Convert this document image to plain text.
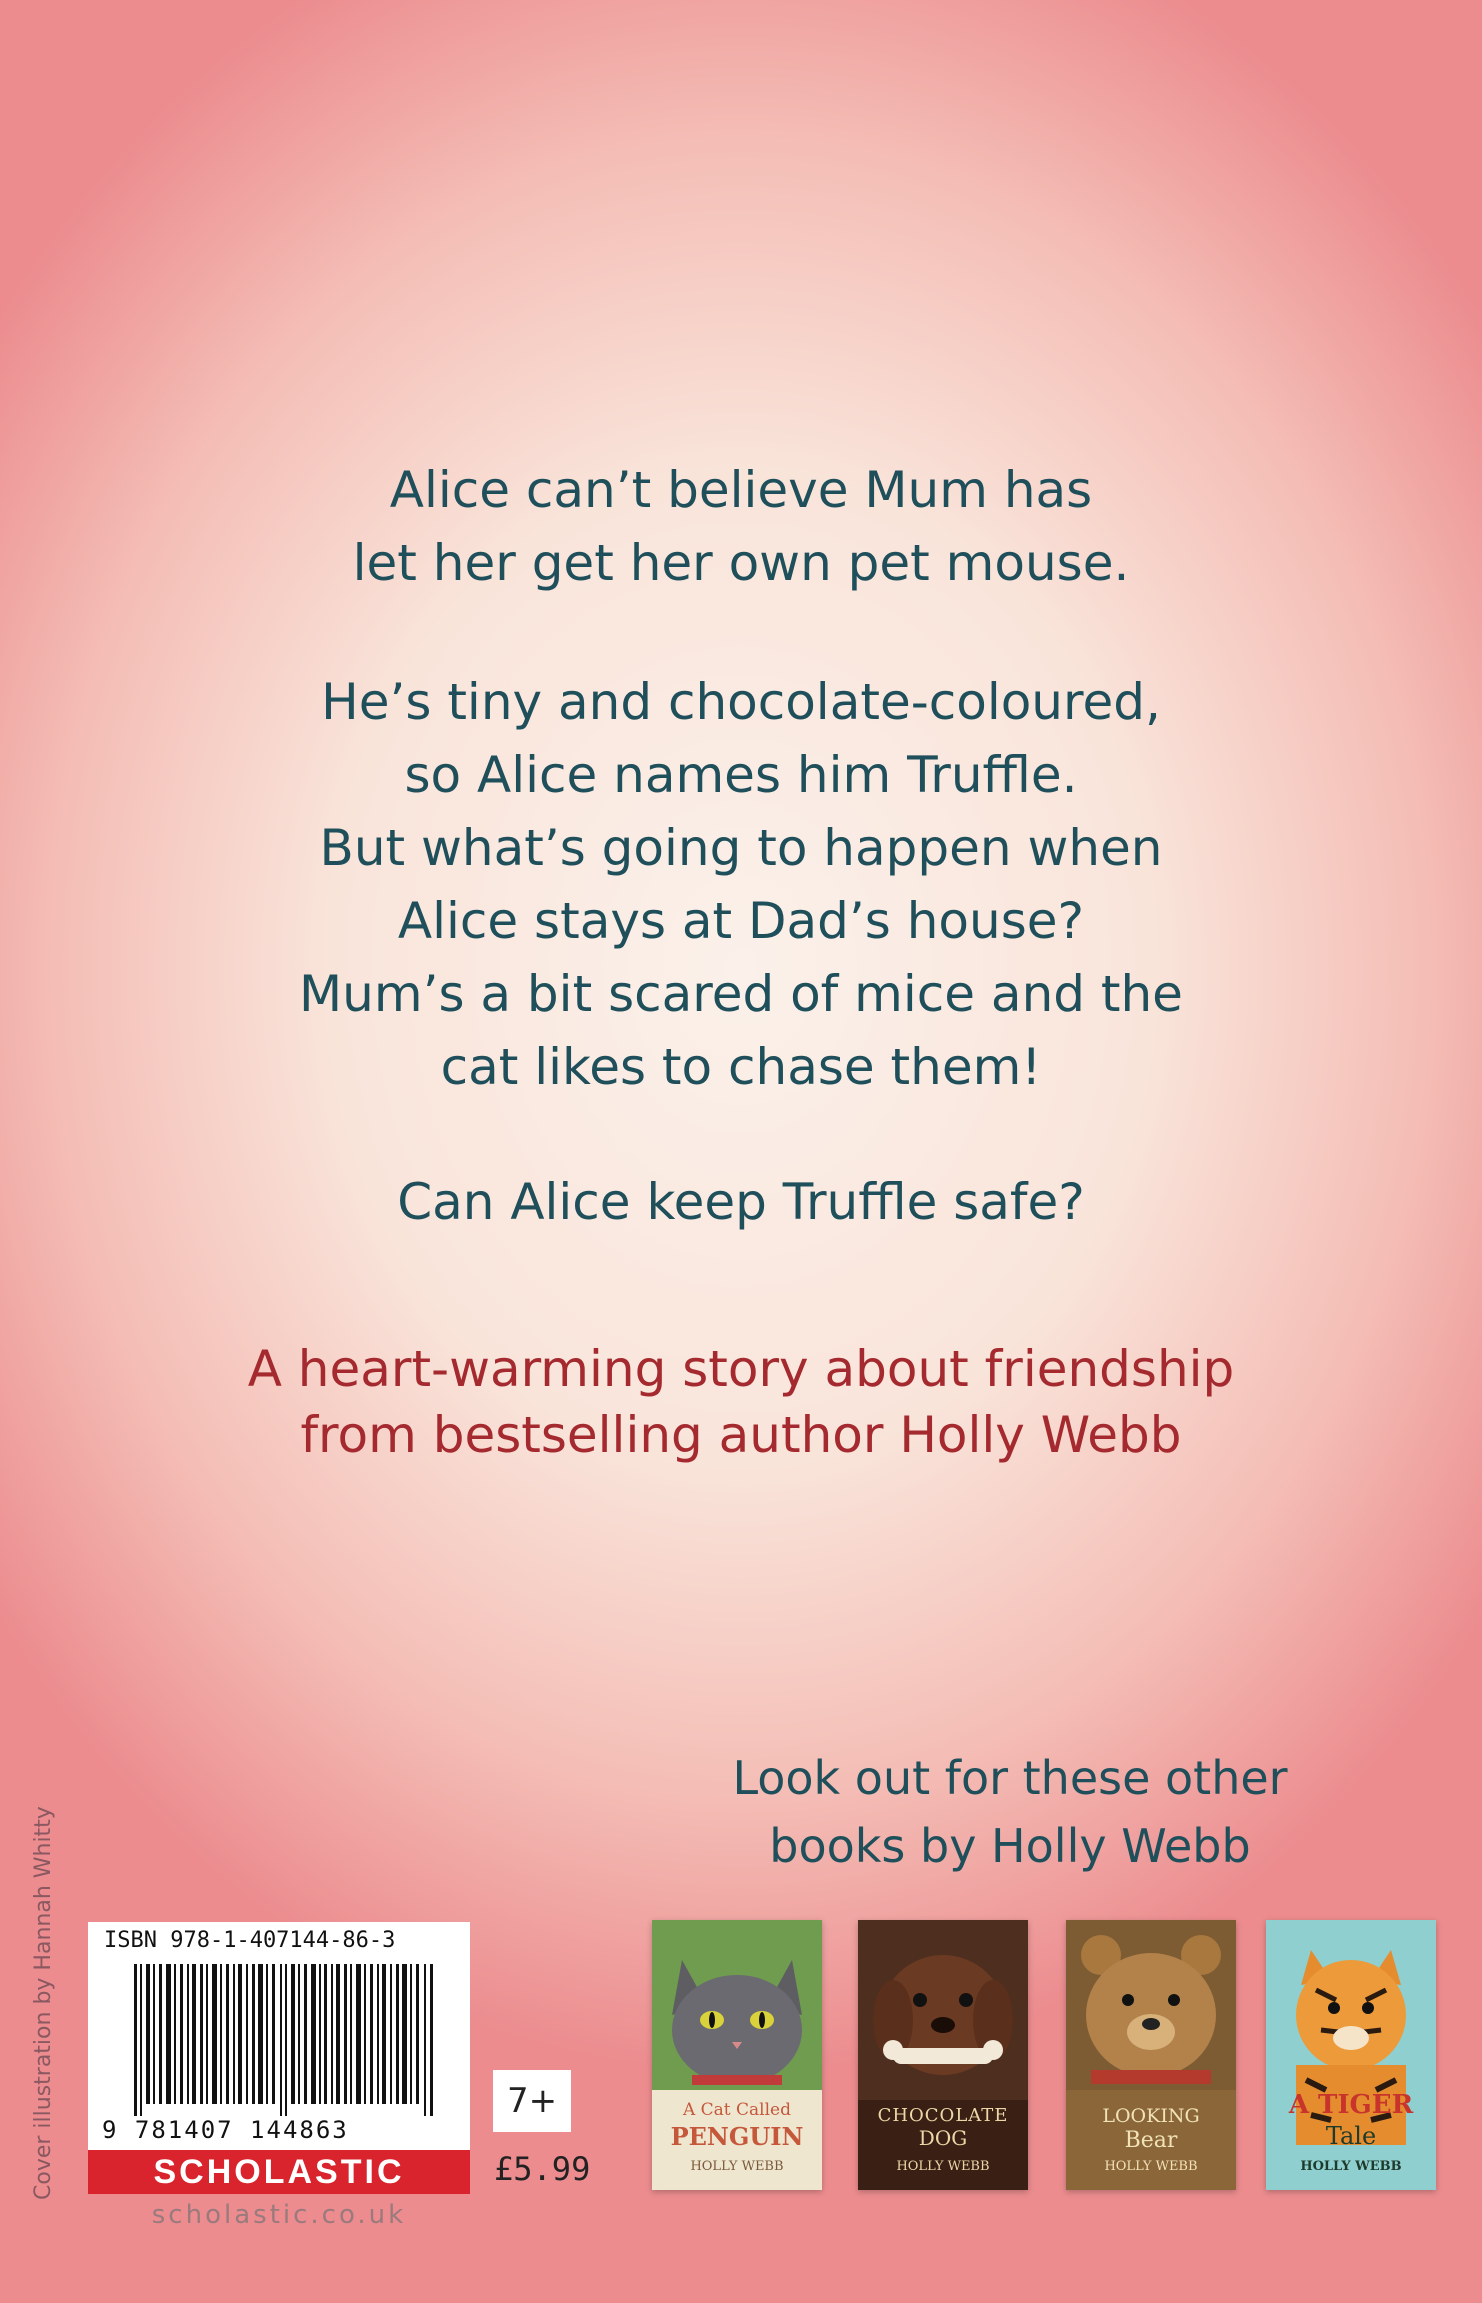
Alice can’t believe Mum has
let her get her own pet mouse.
He’s tiny and chocolate-coloured,
so Alice names him Truffle.
But what’s going to happen when
Alice stays at Dad’s house?
Mum’s a bit scared of mice and the
cat likes to chase them!
Can Alice keep Truffle safe?
A heart-warming story about friendship
from bestselling author Holly Webb
Look out for these other
books by Holly Webb
Cover illustration by Hannah Whitty	ISBN 978-1-407144-86-3
9 781407 144863
SCHOLASTIC
scholastic.co.uk
7+
£5.99
A Cat Called
PENGUIN
HOLLY WEBB
CHOCOLATE
DOG
HOLLY WEBB
LOOKING
Bear
HOLLY WEBB
A TIGER
Tale
HOLLY WEBB
